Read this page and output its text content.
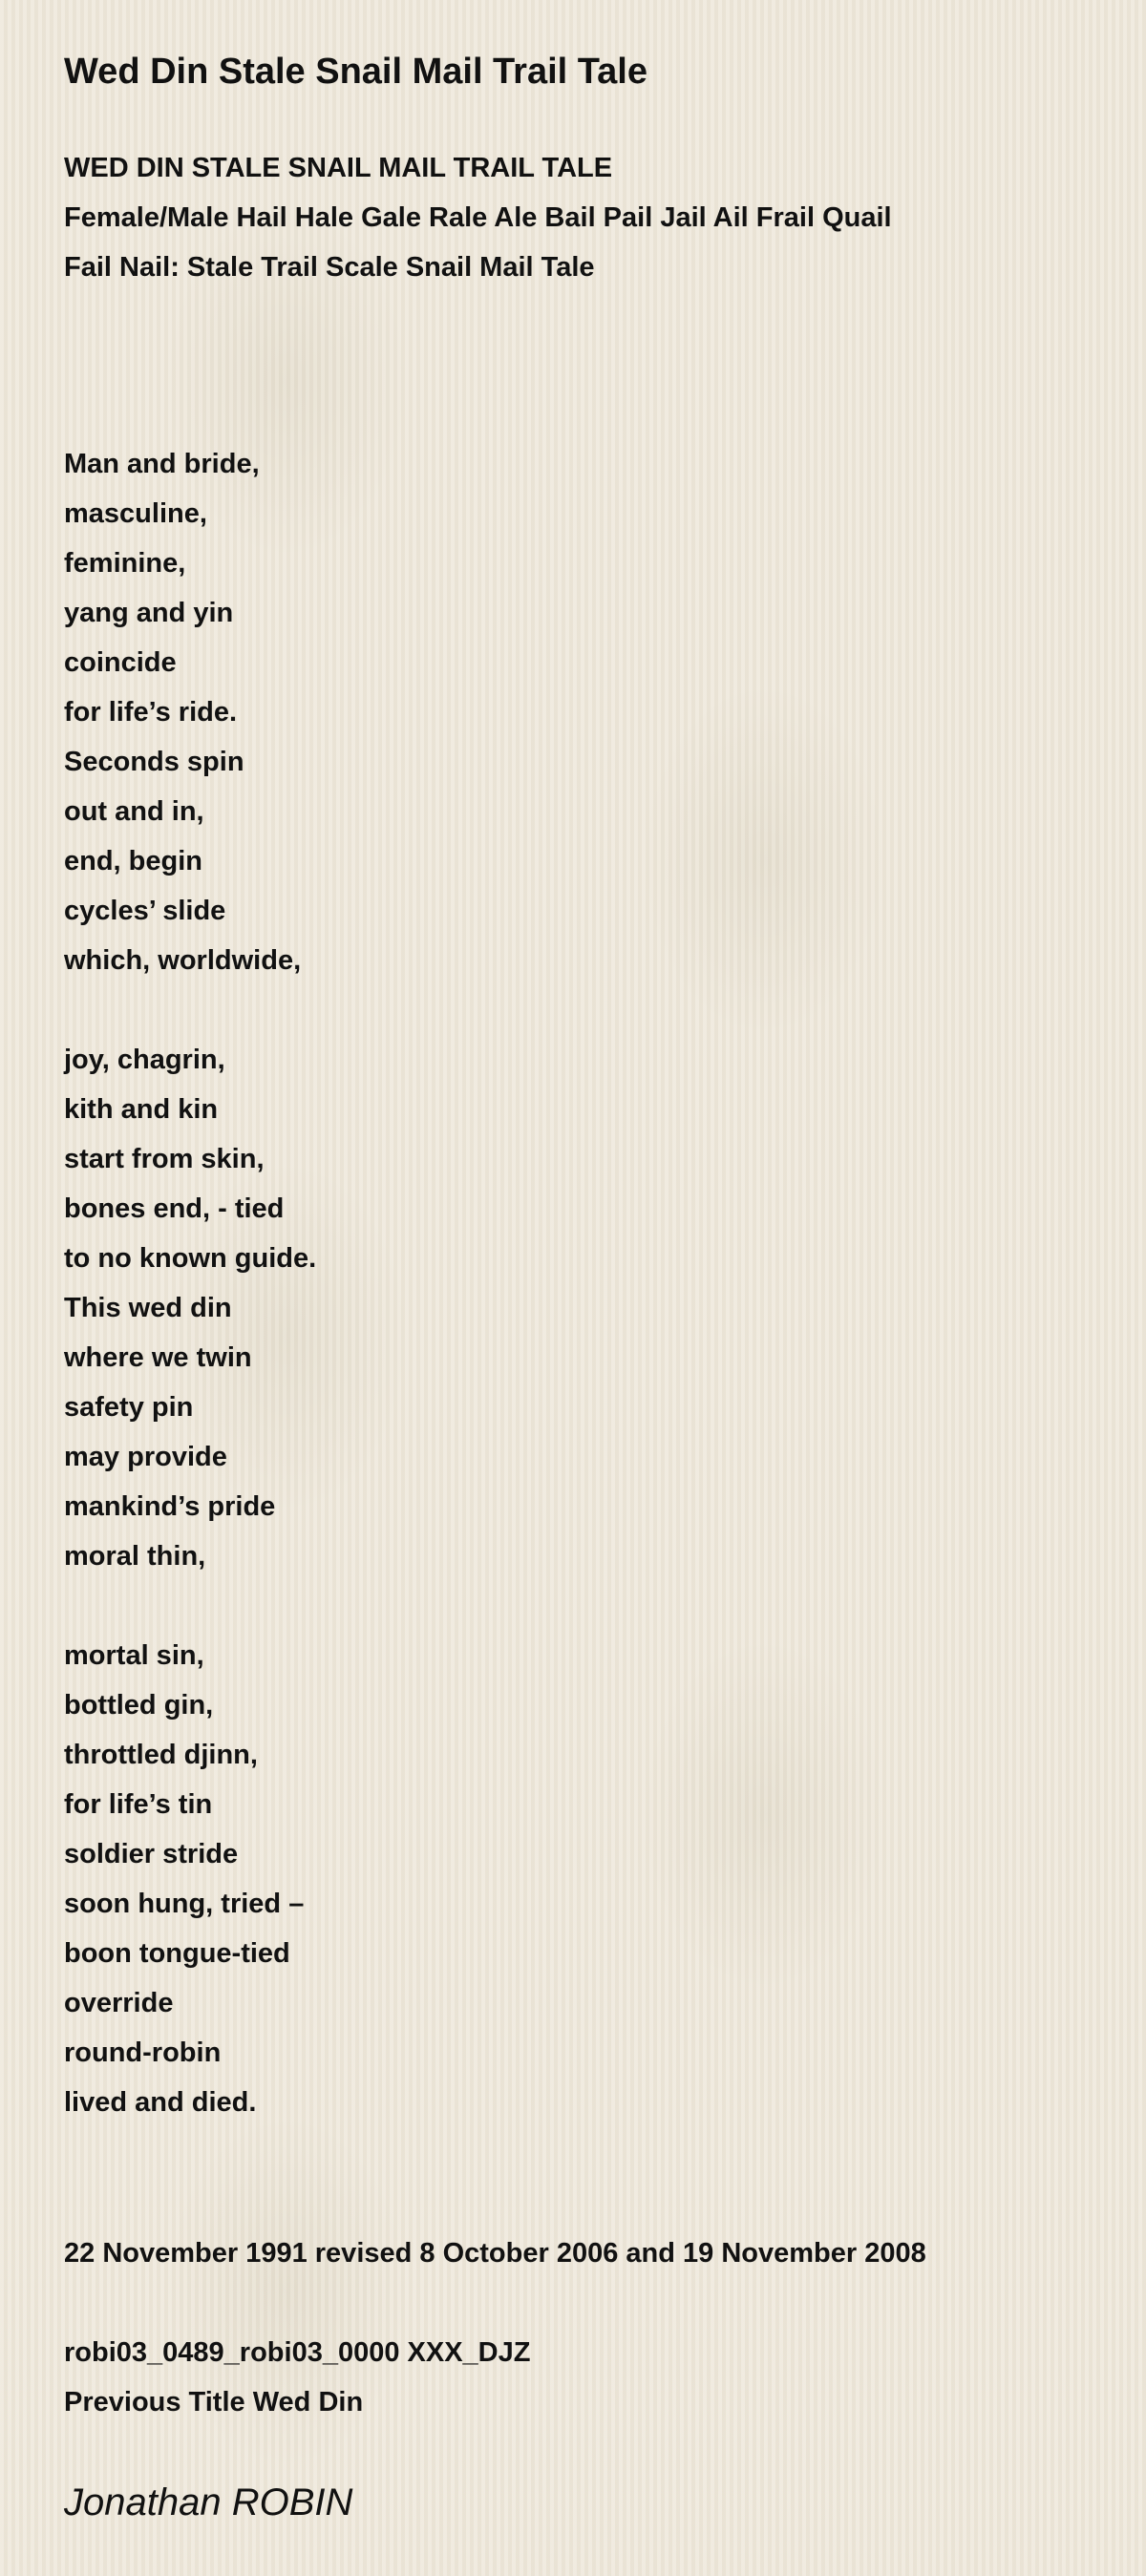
Wed Din Stale Snail Mail Trail Tale
WED DIN STALE SNAIL MAIL TRAIL TALE
Female/Male Hail Hale Gale Rale Ale Bail Pail Jail Ail Frail Quail
Fail Nail: Stale Trail Scale Snail Mail Tale
Man and bride,
masculine,
feminine,
yang and yin
coincide
for life’s ride.
Seconds spin
out and in,
end, begin
cycles’ slide
which, worldwide,
joy, chagrin,
kith and kin
start from skin,
bones end, - tied
to no known guide.
This wed din
where we twin
safety pin
may provide
mankind’s pride
moral thin,
mortal sin,
bottled gin,
throttled djinn,
for life’s tin
soldier stride
soon hung, tried –
boon tongue-tied
override
round-robin
lived and died.
22 November 1991 revised 8 October 2006 and 19 November 2008
robi03_0489_robi03_0000 XXX_DJZ
Previous Title Wed Din
Jonathan ROBIN
